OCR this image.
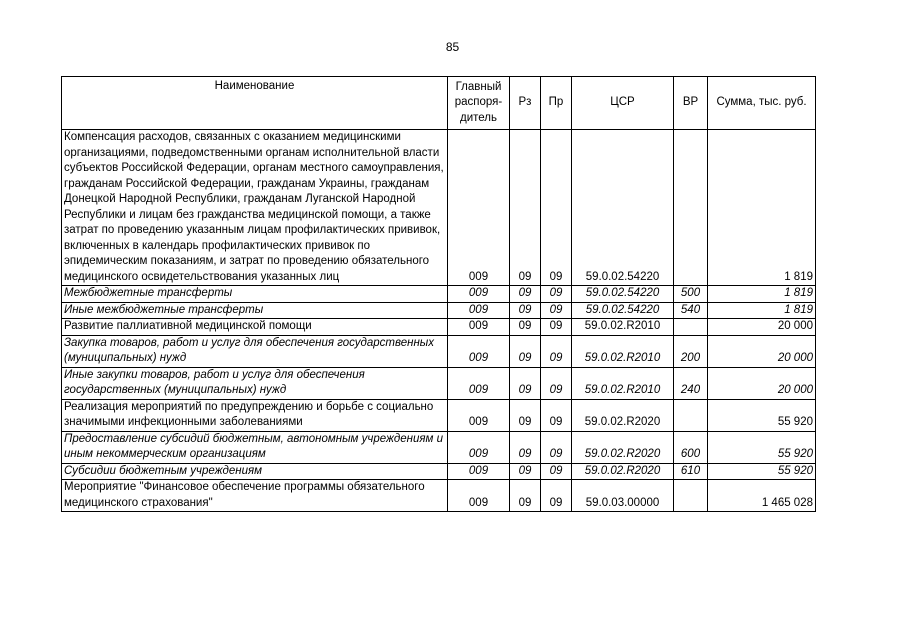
85
Наименование	Главный распоря-дитель	Рз	Пр	ЦСР	ВР	Сумма, тыс. руб.
Компенсация расходов, связанных с оказанием медицинскими организациями, подведомственными органам исполнительной власти субъектов Российской Федерации, органам местного самоуправления, гражданам Российской Федерации, гражданам Украины, гражданам Донецкой Народной Республики, гражданам Луганской Народной Республики и лицам без гражданства медицинской помощи, а также затрат по проведению указанным лицам профилактических прививок, включенных в календарь профилактических прививок по эпидемическим показаниям, и затрат по проведению обязательного медицинского освидетельствования указанных лиц	009	09	09	59.0.02.54220		1 819
Межбюджетные трансферты	009	09	09	59.0.02.54220	500	1 819
Иные межбюджетные трансферты	009	09	09	59.0.02.54220	540	1 819
Развитие паллиативной медицинской помощи	009	09	09	59.0.02.R2010		20 000
Закупка товаров, работ и услуг для обеспечения государственных (муниципальных) нужд	009	09	09	59.0.02.R2010	200	20 000
Иные закупки товаров, работ и услуг для обеспечения государственных (муниципальных) нужд	009	09	09	59.0.02.R2010	240	20 000
Реализация мероприятий по предупреждению и борьбе с социально значимыми инфекционными заболеваниями	009	09	09	59.0.02.R2020		55 920
Предоставление субсидий бюджетным, автономным учреждениям и иным некоммерческим организациям	009	09	09	59.0.02.R2020	600	55 920
Субсидии бюджетным учреждениям	009	09	09	59.0.02.R2020	610	55 920
Мероприятие "Финансовое обеспечение программы обязательного медицинского страхования"	009	09	09	59.0.03.00000		1 465 028
